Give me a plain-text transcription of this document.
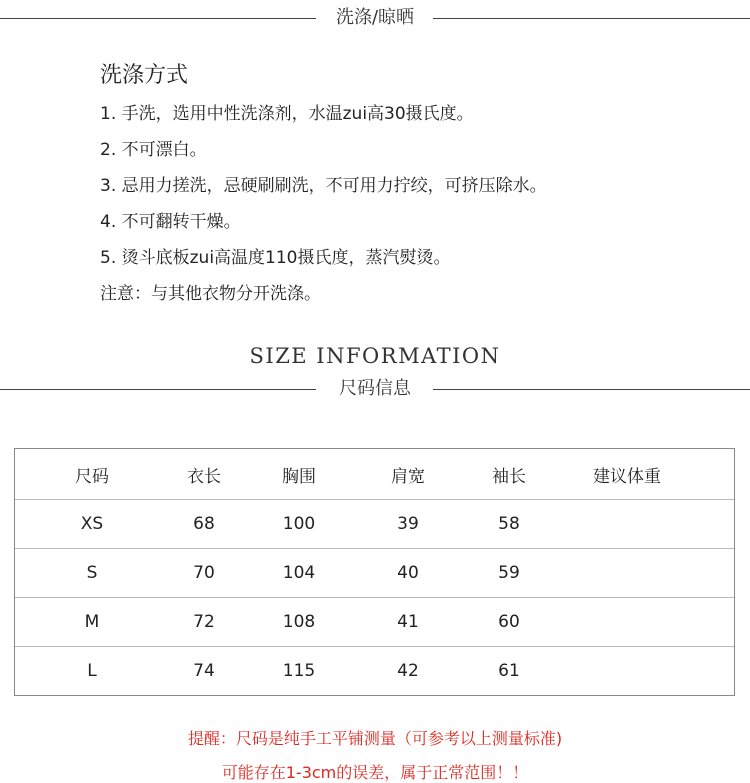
洗涤/晾晒
洗涤方式
1. 手洗，选用中性洗涤剂，水温zui高30摄氏度。
2. 不可漂白。
3. 忌用力搓洗，忌硬刷刷洗，不可用力拧绞，可挤压除水。
4. 不可翻转干燥。
5. 烫斗底板zui高温度110摄氏度，蒸汽熨烫。
注意：与其他衣物分开洗涤。
SIZE INFORMATION
尺码信息
尺码	衣长	胸围	肩宽	袖长	建议体重
XS	68	100	39	58
S	70	104	40	59
M	72	108	41	60
L	74	115	42	61
提醒：尺码是纯手工平铺测量（可参考以上测量标准)
可能存在1-3cm的误差，属于正常范围！！
